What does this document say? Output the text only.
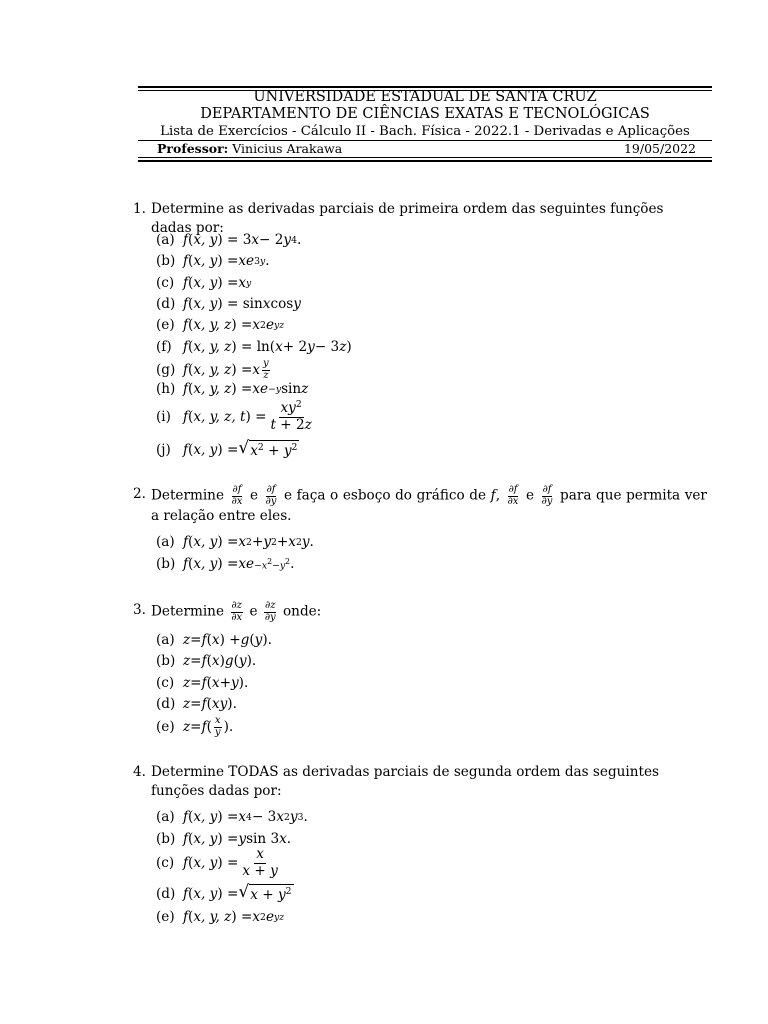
UNIVERSIDADE ESTADUAL DE SANTA CRUZ
DEPARTAMENTO DE CIÊNCIAS EXATAS E TECNOLÓGICAS
Lista de Exercícios - Cálculo II - Bach. Física - 2022.1 - Derivadas e Aplicações
Professor: Vinicius Arakawa	19/05/2022
1. Determine as derivadas parciais de primeira ordem das seguintes funções dadas por:
(a) f ( x, y ) = 3 x − 2 y 4 .
(b) f ( x, y ) = xe 3y .
(c) f ( x, y ) = x y
(d) f ( x, y ) = sin x cos y
(e) f ( x, y, z ) = x 2 e yz
(f) f ( x, y, z ) = ln( x + 2 y − 3 z )
(g) f ( x, y, z ) = x $\frac{y}{z}$
(h) f ( x, y, z ) = xe −y sin z
(i) f ( x, y, z, t ) = $\frac{xy^2}{t + 2z}$
(j) f ( x, y ) = √ $x^2 + y^2$
2. Determine $\frac{\partial f}{\partial x}$ e $\frac{\partial f}{\partial y}$ e faça o esboço do gráfico de f, $\frac{\partial f}{\partial x}$ e $\frac{\partial f}{\partial y}$ para que permita ver a relação entre eles.
(a) f ( x, y ) = x 2 + y 2 + x 2 y .
(b) f ( x, y ) = xe $-x^2-y^2$ .
3. Determine $\frac{\partial z}{\partial x}$ e $\frac{\partial z}{\partial y}$ onde:
(a) z = f ( x ) + g ( y ).
(b) z = f ( x ) g ( y ).
(c) z = f ( x + y ).
(d) z = f ( xy ).
(e) z = f ( $\frac{x}{y}$ ).
4. Determine TODAS as derivadas parciais de segunda ordem das seguintes funções dadas por:
(a) f ( x, y ) = x 4 − 3 x 2 y 3 .
(b) f ( x, y ) = y sin 3 x .
(c) f ( x, y ) = $\frac{x}{x + y}$
(d) f ( x, y ) = √ $x + y^2$
(e) f ( x, y, z ) = x 2 e yz
